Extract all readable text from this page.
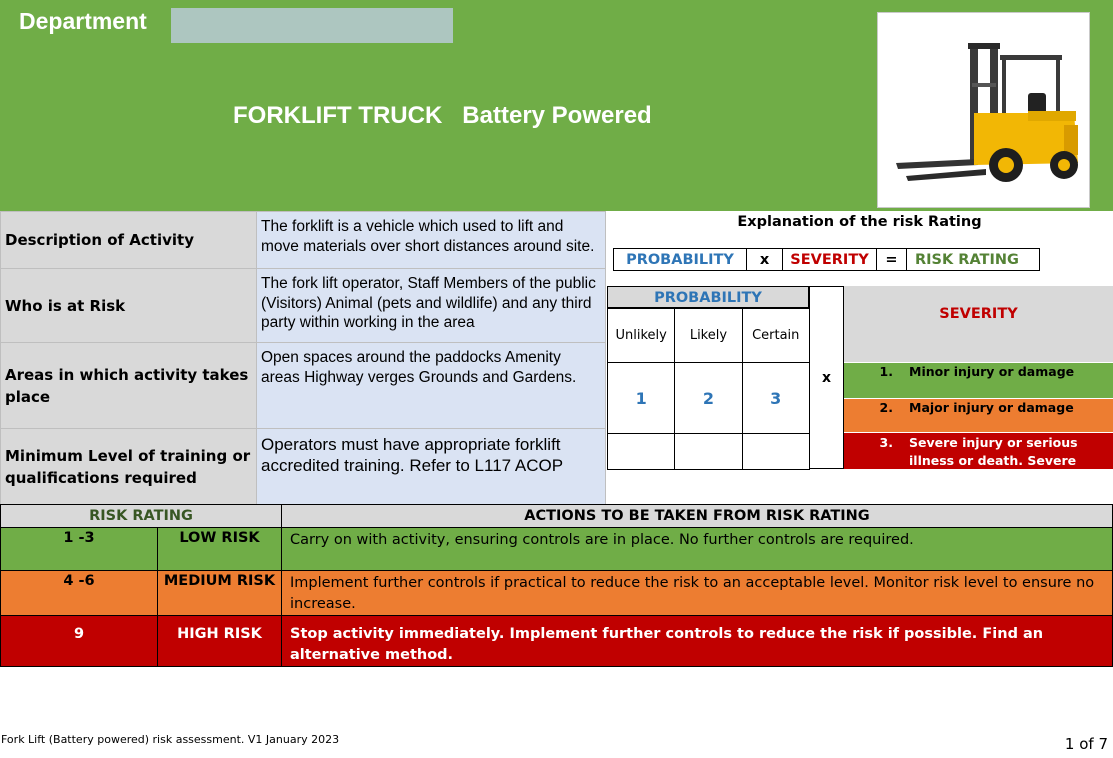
Department
FORKLIFT TRUCK   Battery Powered
Description of Activity	The forklift is a vehicle which used to lift and move materials over short distances around site.
Who is at Risk	The fork lift operator, Staff Members of the public (Visitors) Animal (pets and wildlife) and any third party within working in the area
Areas in which activity takes place	Open spaces around the paddocks Amenity areas Highway verges Grounds and Gardens.
Minimum Level of training or qualifications required	Operators must have appropriate forklift accredited training. Refer to L117 ACOP
Explanation of the risk Rating
PROBABILITY	x	SEVERITY	=	RISK RATING
PROBABILITY
Unlikely	Likely	Certain
1	2	3

x
SEVERITY
1.	Minor injury or damage
2.	Major injury or damage
3.	Severe injury or serious illness or death. Severe damage
RISK RATING		ACTIONS TO BE TAKEN FROM RISK RATING
1 -3	LOW RISK	Carry on with activity, ensuring controls are in place. No further controls are required.
4 -6	MEDIUM RISK	Implement further controls if practical to reduce the risk to an acceptable level. Monitor risk level to ensure no increase.
9	HIGH RISK	Stop activity immediately. Implement further controls to reduce the risk if possible. Find an alternative method.
Fork Lift (Battery powered) risk assessment. V1 January 2023	1 of 7
